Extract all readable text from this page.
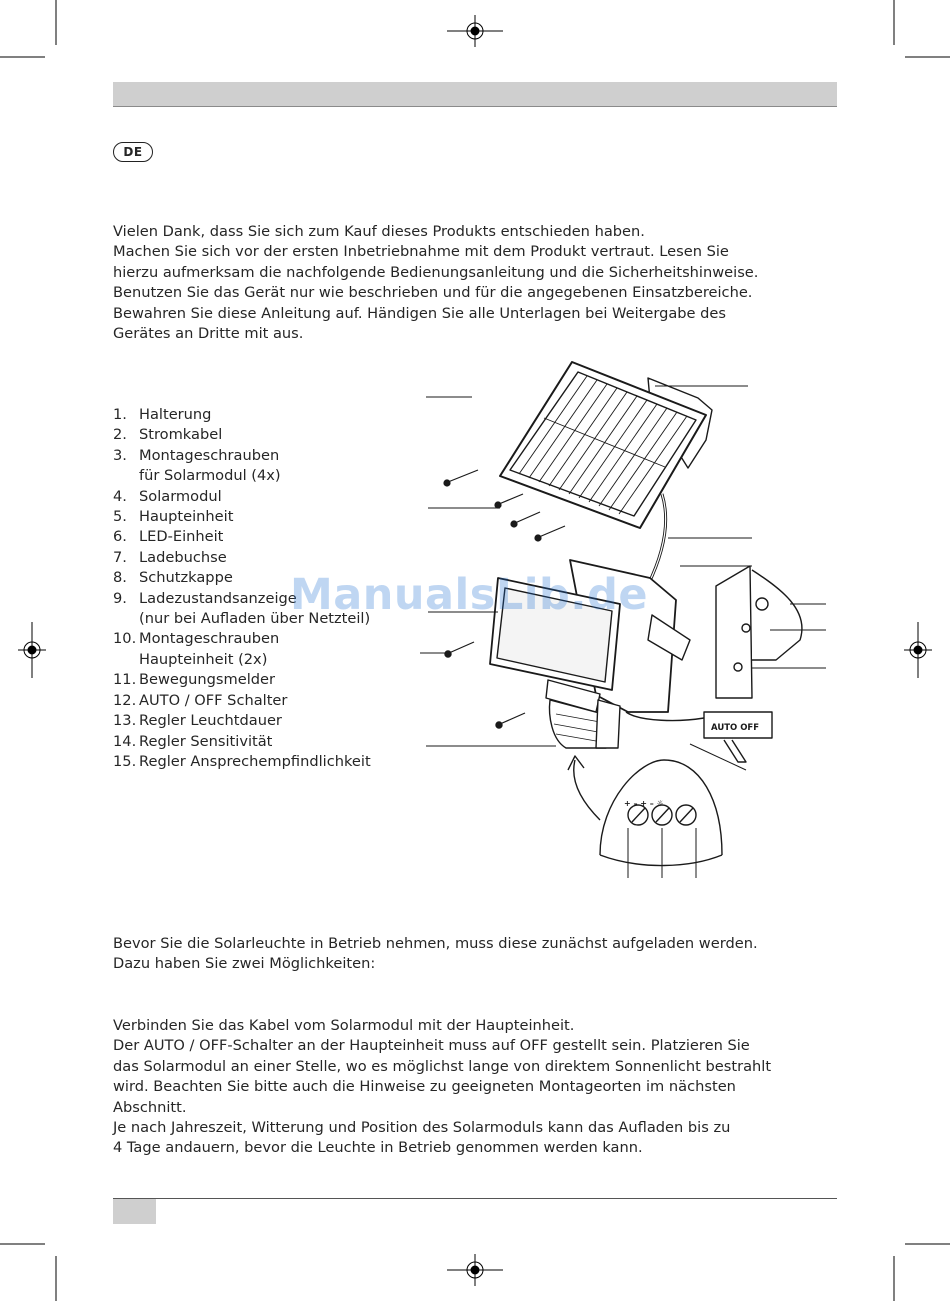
DE
Vielen Dank, dass Sie sich zum Kauf dieses Produkts entschieden haben.
Machen Sie sich vor der ersten Inbetriebnahme mit dem Produkt vertraut. Lesen Sie
hierzu aufmerksam die nachfolgende Bedienungsanleitung und die Sicherheitshinweise.
Benutzen Sie das Gerät nur wie beschrieben und für die angegebenen Einsatzbereiche.
Bewahren Sie diese Anleitung auf. Händigen Sie alle Unterlagen bei Weitergabe des
Gerätes an Dritte mit aus.
1. Halterung
2. Stromkabel
3. Montageschrauben
für Solarmodul (4x)
4. Solarmodul
5. Haupteinheit
6. LED-Einheit
7. Ladebuchse
8. Schutzkappe
9. Ladezustandsanzeige
(nur bei Aufladen über Netzteil)
10. Montageschrauben
Haupteinheit (2x)
11. Bewegungsmelder
12. AUTO / OFF Schalter
13. Regler Leuchtdauer
14. Regler Sensitivität
15. Regler Ansprechempfindlichkeit
AUTO OFF
+ – + – ☼
ManualsLib.de
Bevor Sie die Solarleuchte in Betrieb nehmen, muss diese zunächst aufgeladen werden.
Dazu haben Sie zwei Möglichkeiten:
Verbinden Sie das Kabel vom Solarmodul mit der Haupteinheit.
Der AUTO / OFF-Schalter an der Haupteinheit muss auf OFF gestellt sein. Platzieren Sie
das Solarmodul an einer Stelle, wo es möglichst lange von direktem Sonnenlicht bestrahlt
wird. Beachten Sie bitte auch die Hinweise zu geeigneten Montageorten im nächsten
Abschnitt.
Je nach Jahreszeit, Witterung und Position des Solarmoduls kann das Aufladen bis zu
4 Tage andauern, bevor die Leuchte in Betrieb genommen werden kann.
